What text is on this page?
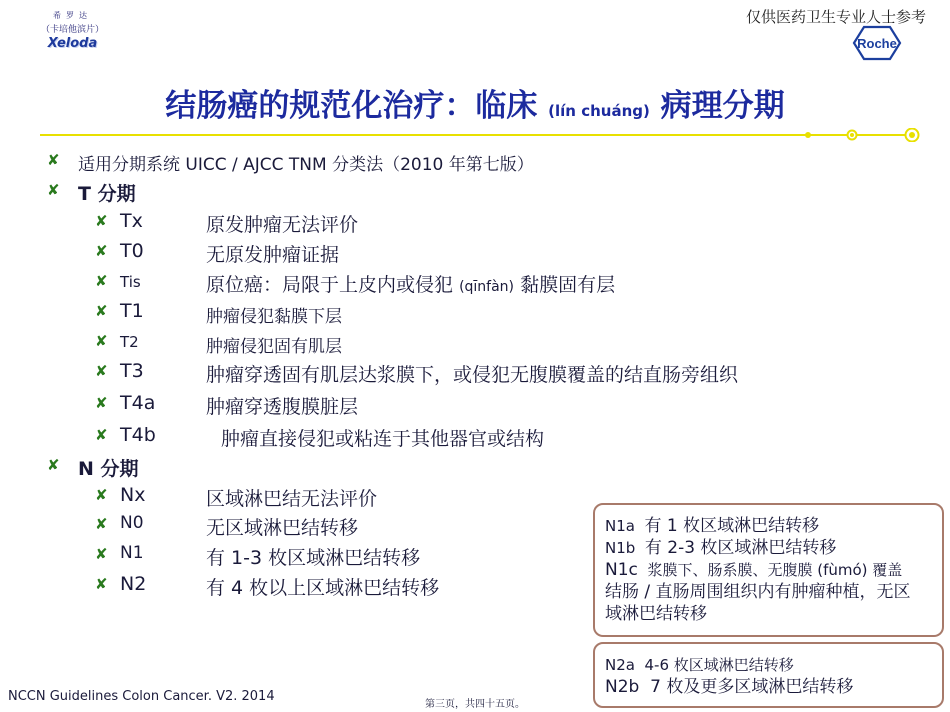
希罗达
（卡培他滨片）
Xeloda
仅供医药卫生专业人士参考
Roche
结肠癌的规范化治疗：临床 (lín chuáng) 病理分期
✘ 适用分期系统 UICC / AJCC TNM 分类法（2010 年第七版）
✘ T 分期
✘ Tx	原发肿瘤无法评价
✘ T0	无原发肿瘤证据
✘ Tis	原位癌：局限于上皮内或侵犯 (qīnfàn) 黏膜固有层
✘ T1	肿瘤侵犯黏膜下层
✘ T2	肿瘤侵犯固有肌层
✘ T3	肿瘤穿透固有肌层达浆膜下，或侵犯无腹膜覆盖的结直肠旁组织
✘ T4a	肿瘤穿透腹膜脏层
✘ T4b	肿瘤直接侵犯或粘连于其他器官或结构
✘ N 分期
✘ Nx	区域淋巴结无法评价
✘ N0	无区域淋巴结转移
✘ N1	有 1-3 枚区域淋巴结转移
✘ N2	有 4 枚以上区域淋巴结转移
N1a 有 1 枚区域淋巴结转移
N1b 有 2-3 枚区域淋巴结转移
N1c 浆膜下、肠系膜、无腹膜 (fùmó) 覆盖
结肠 / 直肠周围组织内有肿瘤种植，无区
域淋巴结转移
N2a 4-6 枚区域淋巴结转移
N2b 7 枚及更多区域淋巴结转移
NCCN Guidelines Colon Cancer. V2. 2014
第三页，共四十五页。
